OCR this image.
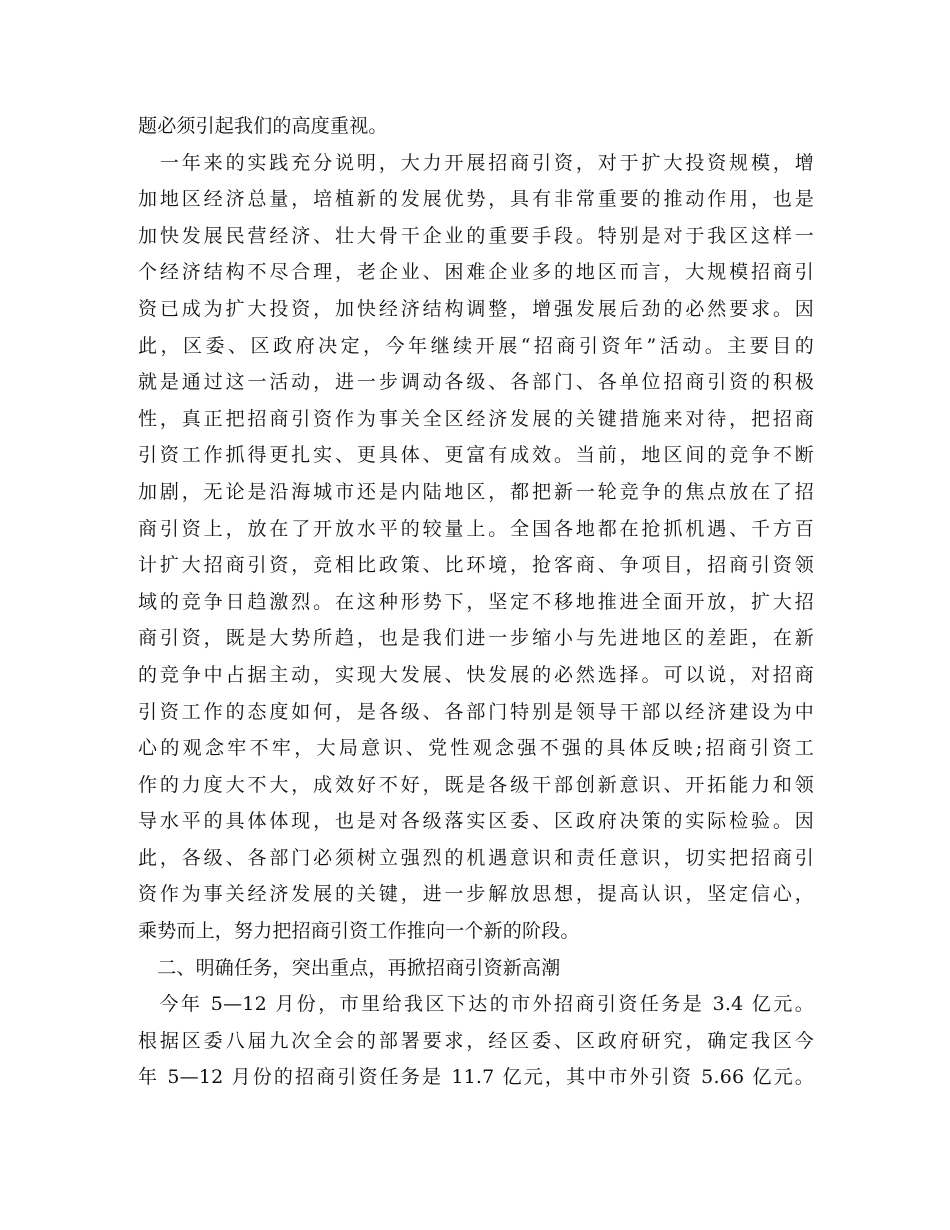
题必须引起我们的高度重视。
　一年来的实践充分说明，大力开展招商引资，对于扩大投资规模，增
加地区经济总量，培植新的发展优势，具有非常重要的推动作用，也是
加快发展民营经济、壮大骨干企业的重要手段。特别是对于我区这样一
个经济结构不尽合理，老企业、困难企业多的地区而言，大规模招商引
资已成为扩大投资，加快经济结构调整，增强发展后劲的必然要求。因
此，区委、区政府决定，今年继续开展“招商引资年”活动。主要目的
就是通过这一活动，进一步调动各级、各部门、各单位招商引资的积极
性，真正把招商引资作为事关全区经济发展的关键措施来对待，把招商
引资工作抓得更扎实、更具体、更富有成效。当前，地区间的竞争不断
加剧，无论是沿海城市还是内陆地区，都把新一轮竞争的焦点放在了招
商引资上，放在了开放水平的较量上。全国各地都在抢抓机遇、千方百
计扩大招商引资，竞相比政策、比环境，抢客商、争项目，招商引资领
域的竞争日趋激烈。在这种形势下，坚定不移地推进全面开放，扩大招
商引资，既是大势所趋，也是我们进一步缩小与先进地区的差距，在新
的竞争中占据主动，实现大发展、快发展的必然选择。可以说，对招商
引资工作的态度如何，是各级、各部门特别是领导干部以经济建设为中
心的观念牢不牢，大局意识、党性观念强不强的具体反映;招商引资工
作的力度大不大，成效好不好，既是各级干部创新意识、开拓能力和领
导水平的具体体现，也是对各级落实区委、区政府决策的实际检验。因
此，各级、各部门必须树立强烈的机遇意识和责任意识，切实把招商引
资作为事关经济发展的关键，进一步解放思想，提高认识，坚定信心，
乘势而上，努力把招商引资工作推向一个新的阶段。
　二、明确任务，突出重点，再掀招商引资新高潮
　今年 5—12 月份，市里给我区下达的市外招商引资任务是 3.4 亿元。
根据区委八届九次全会的部署要求，经区委、区政府研究，确定我区今
年 5—12 月份的招商引资任务是 11.7 亿元，其中市外引资 5.66 亿元。
